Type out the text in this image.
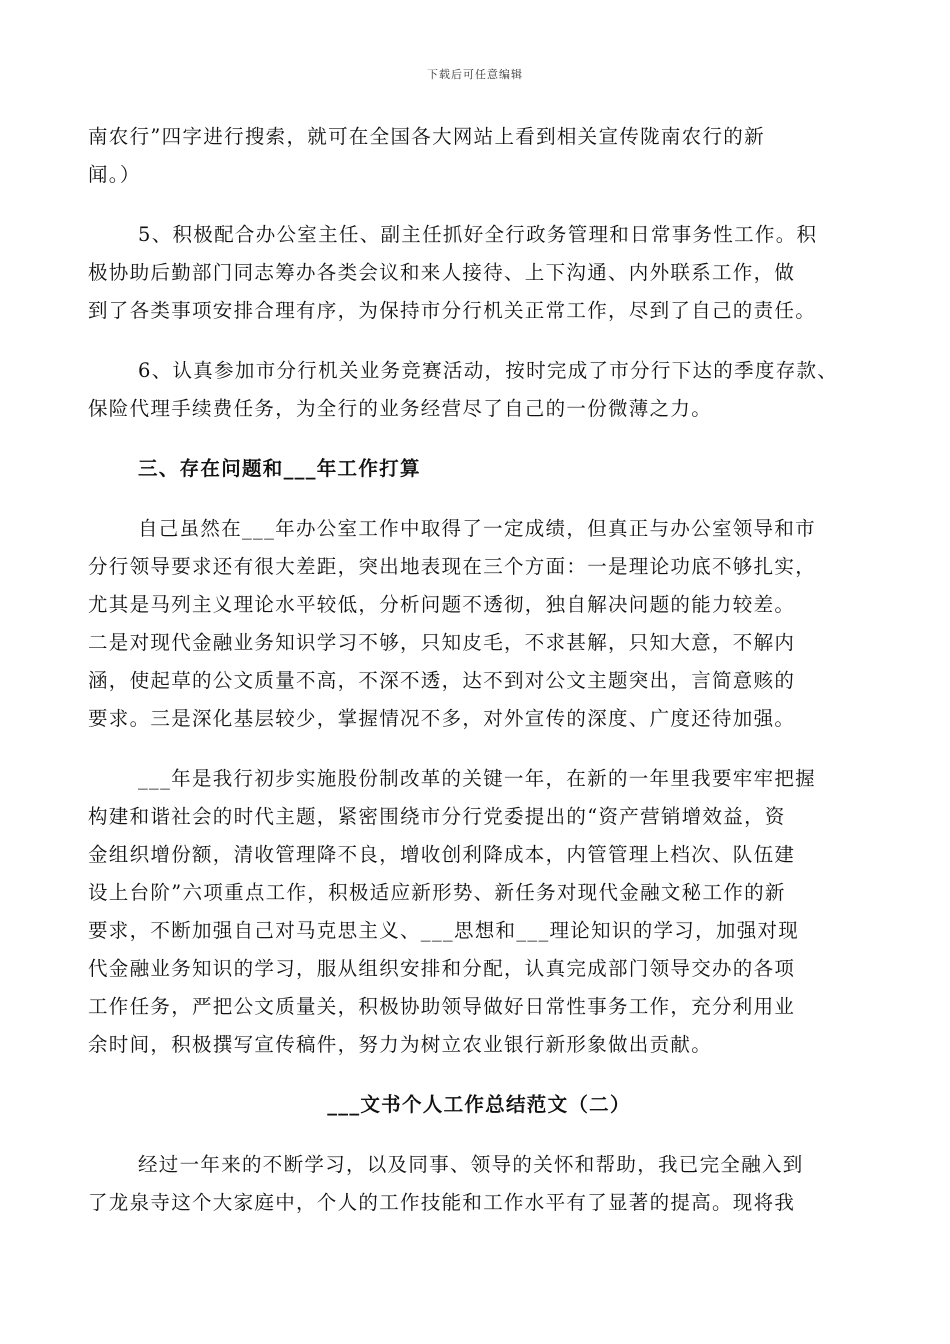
下载后可任意编辑

南农行”四字进行搜索，就可在全国各大网站上看到相关宣传陇南农行的新
闻。）

5、积极配合办公室主任、副主任抓好全行政务管理和日常事务性工作。积
极协助后勤部门同志筹办各类会议和来人接待、上下沟通、内外联系工作，做
到了各类事项安排合理有序，为保持市分行机关正常工作，尽到了自己的责任。

6、认真参加市分行机关业务竞赛活动，按时完成了市分行下达的季度存款、
保险代理手续费任务，为全行的业务经营尽了自己的一份微薄之力。

三、存在问题和___年工作打算

自己虽然在___年办公室工作中取得了一定成绩，但真正与办公室领导和市
分行领导要求还有很大差距，突出地表现在三个方面：一是理论功底不够扎实，
尤其是马列主义理论水平较低，分析问题不透彻，独自解决问题的能力较差。
二是对现代金融业务知识学习不够，只知皮毛，不求甚解，只知大意，不解内
涵，使起草的公文质量不高，不深不透，达不到对公文主题突出，言简意赅的
要求。三是深化基层较少，掌握情况不多，对外宣传的深度、广度还待加强。

___年是我行初步实施股份制改革的关键一年，在新的一年里我要牢牢把握
构建和谐社会的时代主题，紧密围绕市分行党委提出的“资产营销增效益，资
金组织增份额，清收管理降不良，增收创利降成本，内管管理上档次、队伍建
设上台阶”六项重点工作，积极适应新形势、新任务对现代金融文秘工作的新
要求，不断加强自己对马克思主义、___思想和___理论知识的学习，加强对现
代金融业务知识的学习，服从组织安排和分配，认真完成部门领导交办的各项
工作任务，严把公文质量关，积极协助领导做好日常性事务工作，充分利用业
余时间，积极撰写宣传稿件，努力为树立农业银行新形象做出贡献。

___文书个人工作总结范文（二）

经过一年来的不断学习，以及同事、领导的关怀和帮助，我已完全融入到
了龙泉寺这个大家庭中，个人的工作技能和工作水平有了显著的提高。现将我
